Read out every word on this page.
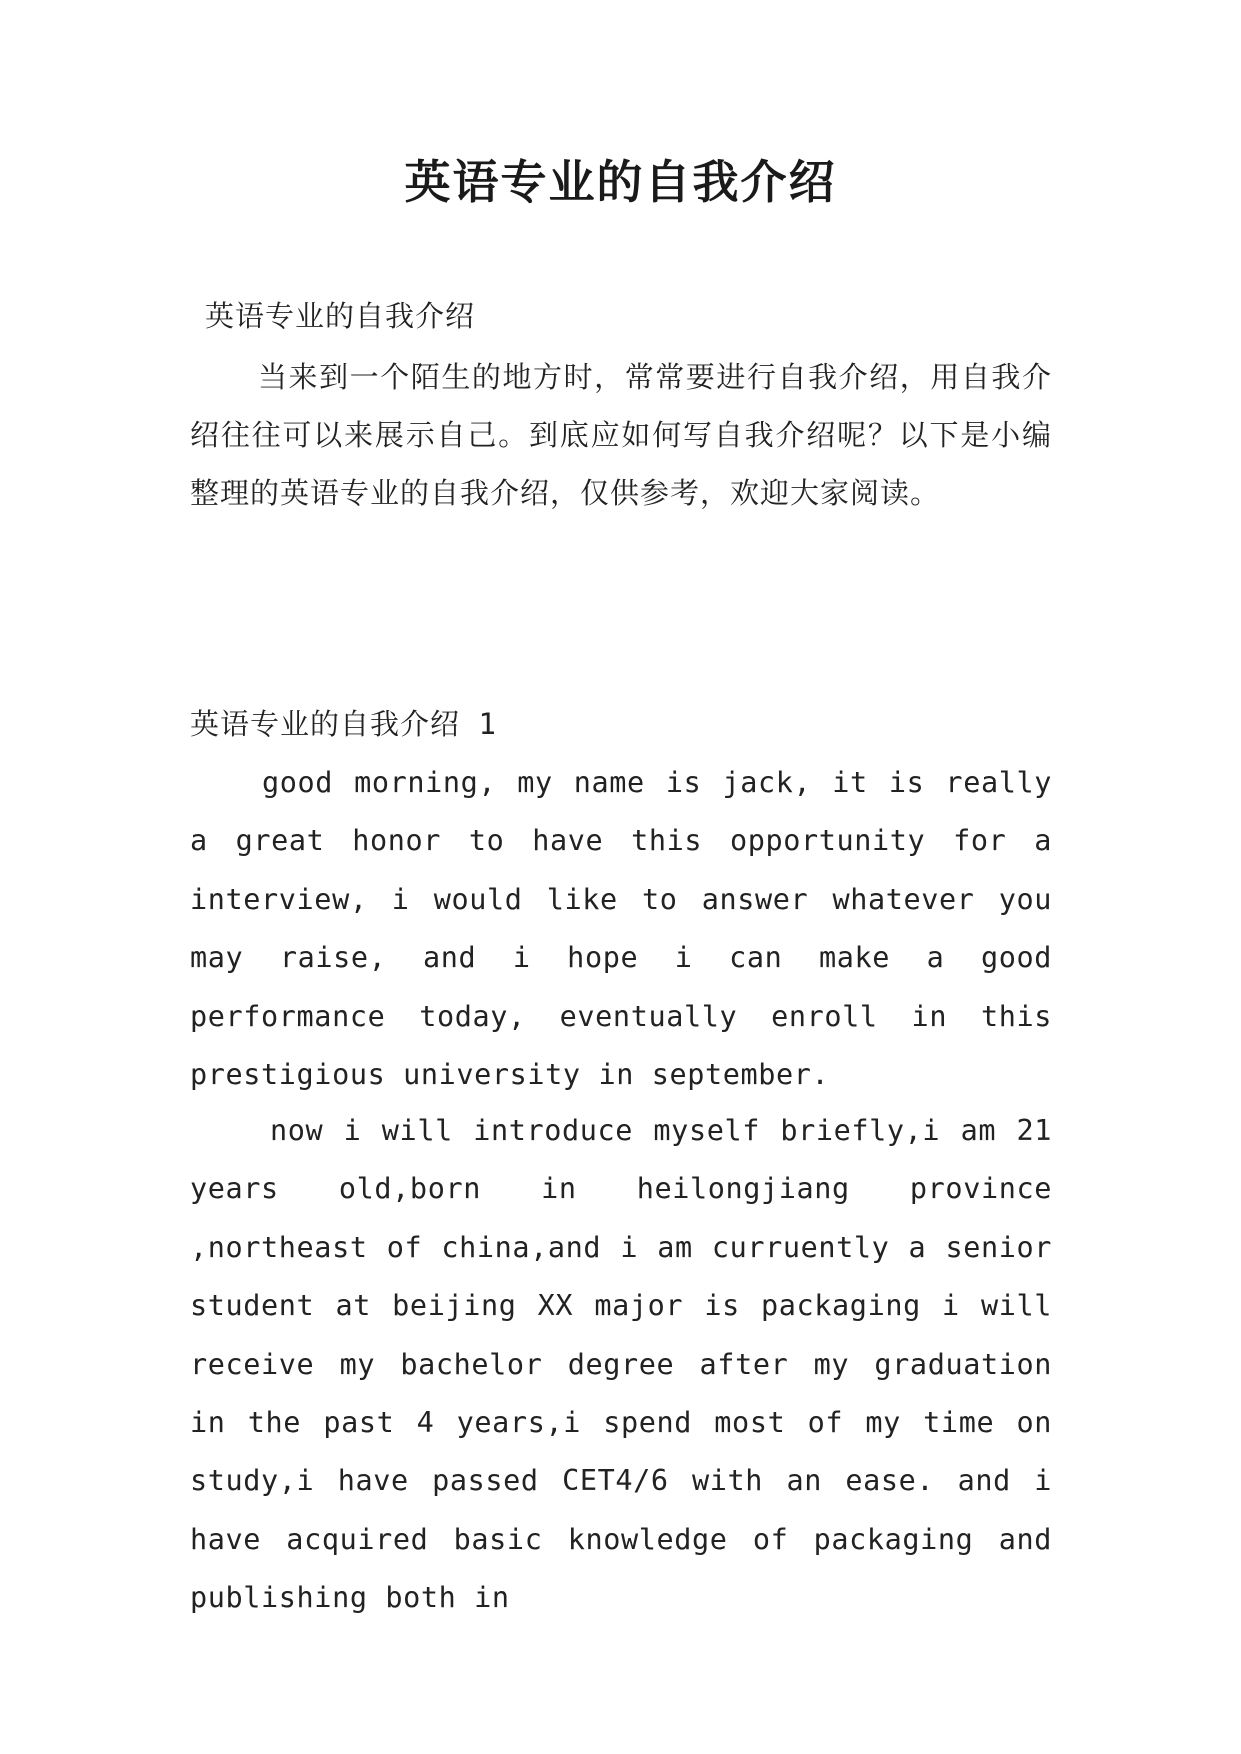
英语专业的自我介绍

英语专业的自我介绍

当来到一个陌生的地方时，常常要进行自我介绍，用自我介绍往往可以来展示自己。到底应如何写自我介绍呢？以下是小编整理的英语专业的自我介绍，仅供参考，欢迎大家阅读。

英语专业的自我介绍 1

good morning, my name is jack, it is really a great honor to have this opportunity for a interview, i would like to answer whatever you may raise, and i hope i can make a good performance today, eventually enroll in this prestigious university in september.

now i will introduce myself briefly,i am 21 years old,born in heilongjiang province ,northeast of china,and i am curruently a senior student at beijing XX major is packaging i will receive my bachelor degree after my graduation in the past 4 years,i spend most of my time on study,i have passed CET4/6 with an ease. and i have acquired basic knowledge of packaging and publishing both in
